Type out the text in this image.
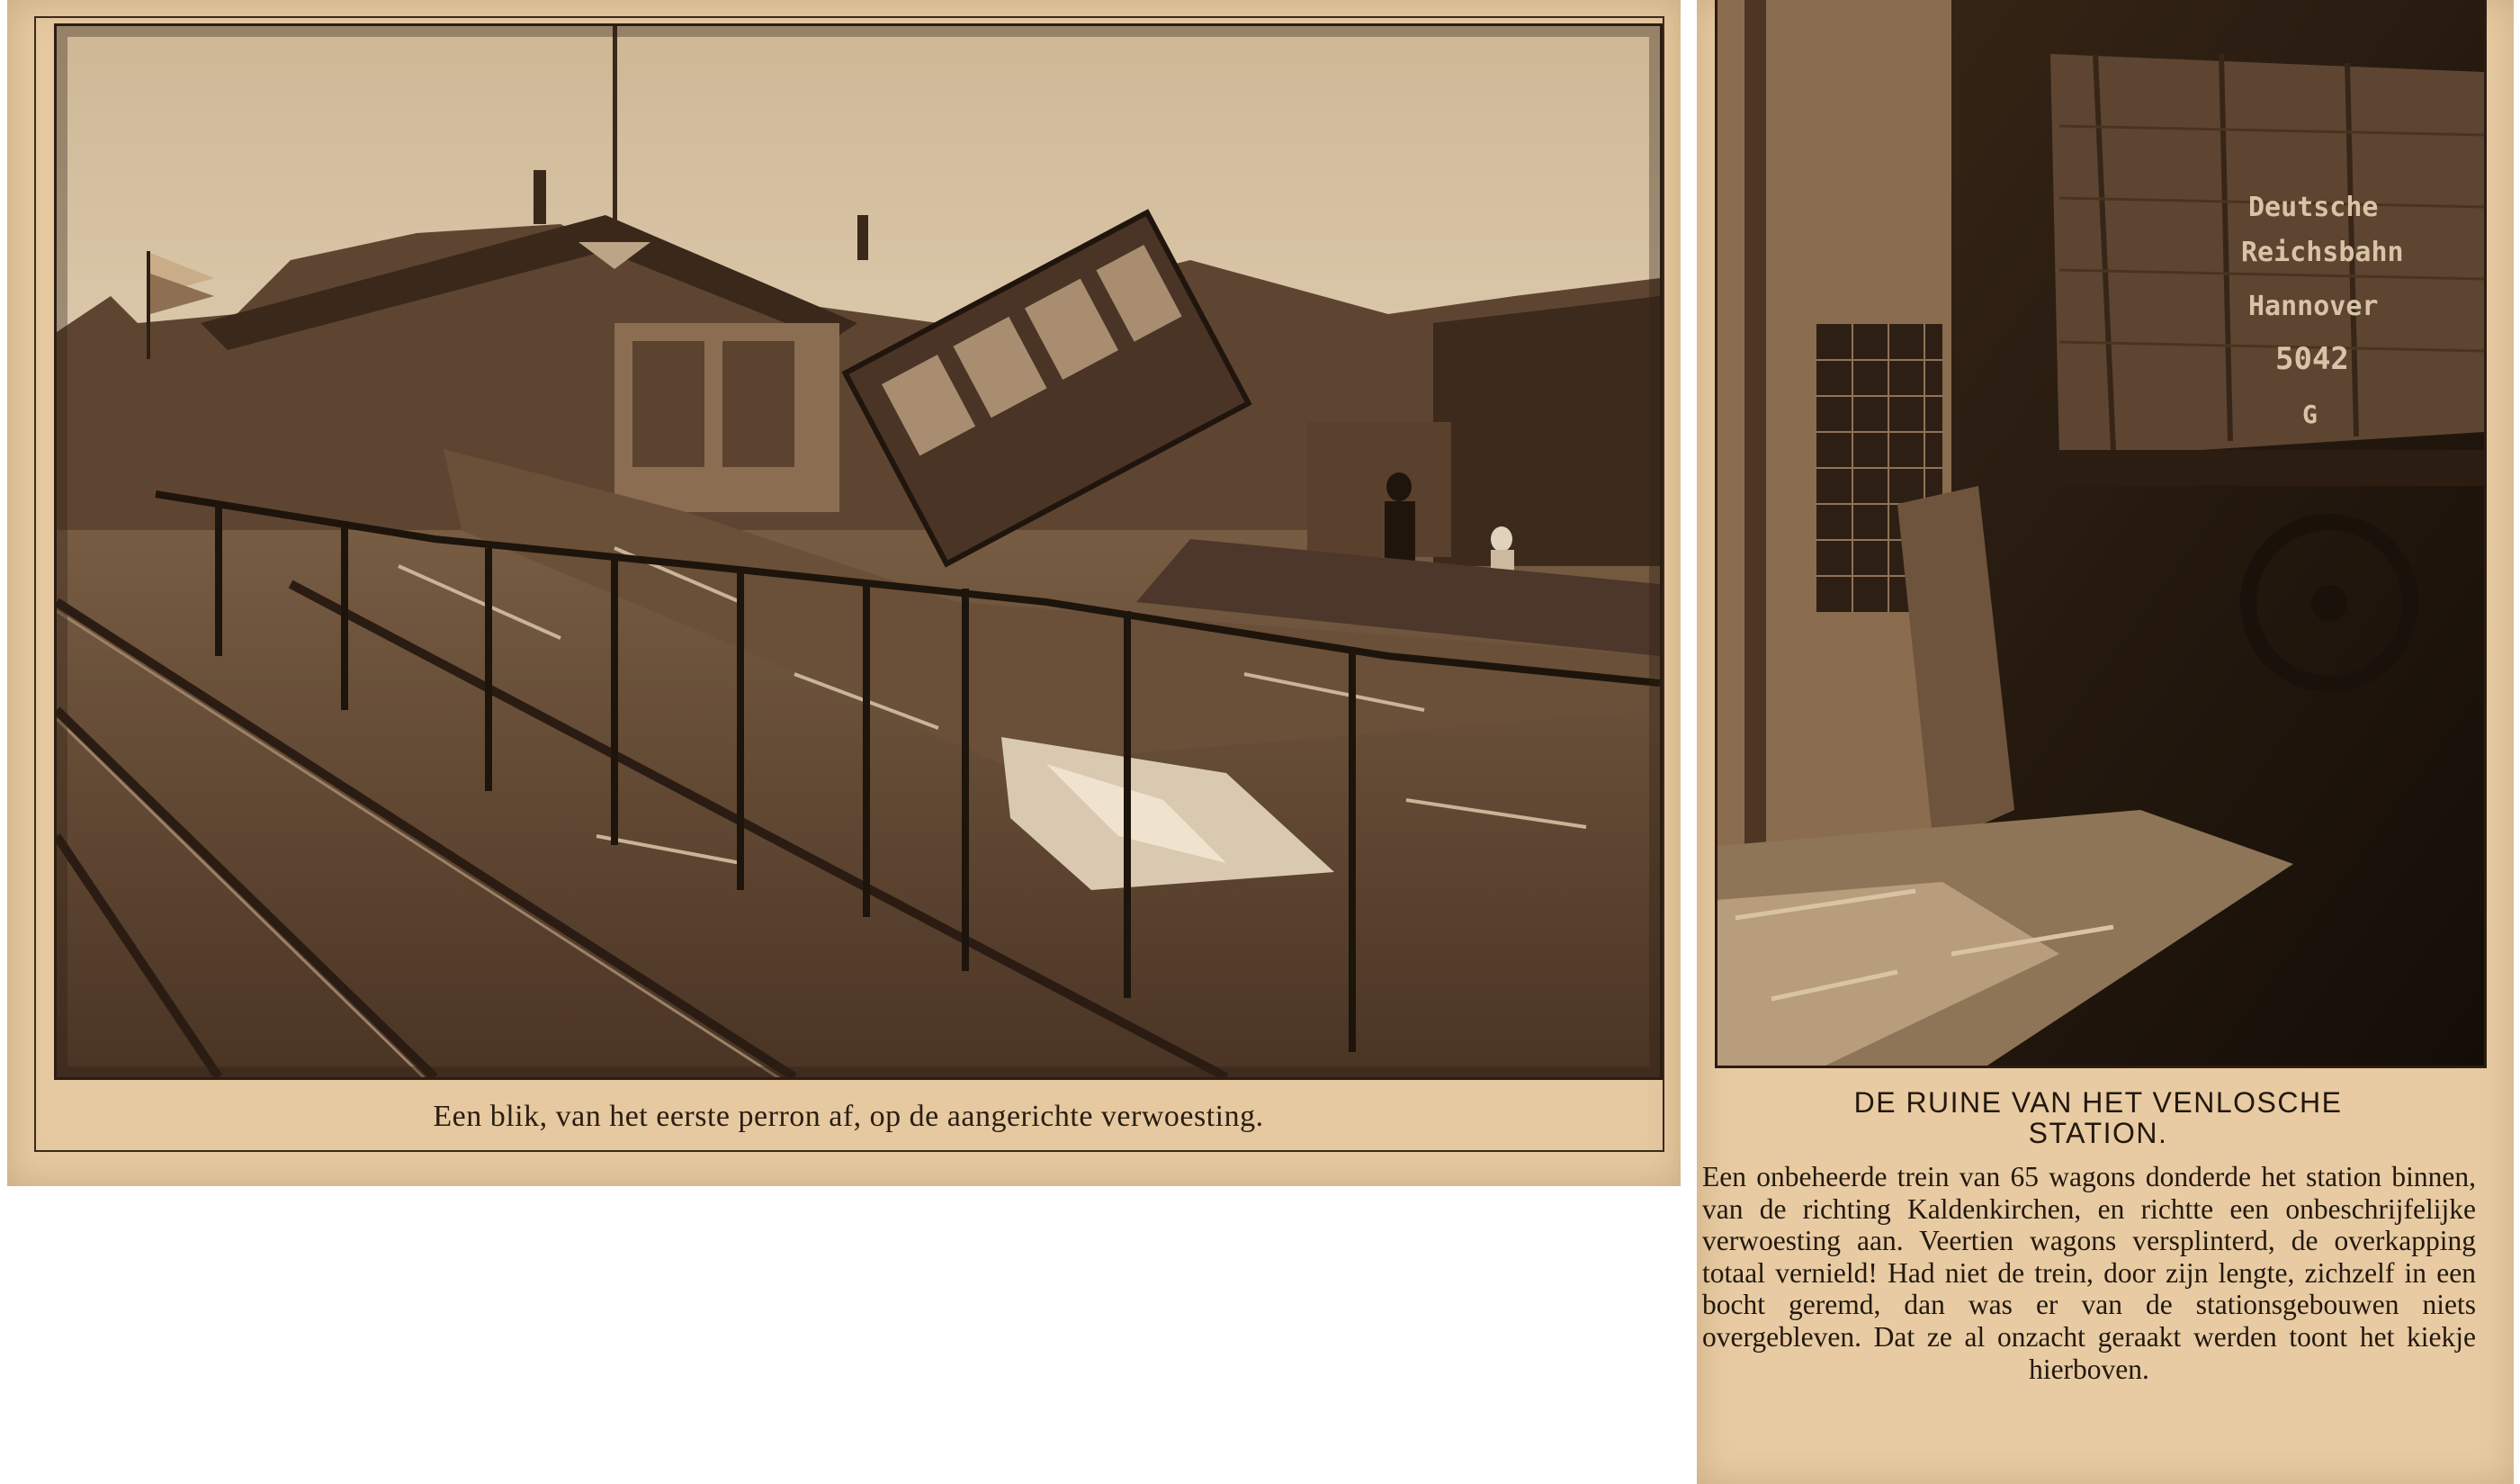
Een blik, van het eerste perron af, op de aangerichte verwoesting.
Deutsche
Reichsbahn
Hannover
5042
G
DE RUINE VAN HET VENLOSCHE
STATION.
Een onbeheerde trein van 65 wagons donderde het station binnen, van de richting Kaldenkirchen, en richtte een onbeschrijfelijke verwoesting aan. Veertien wagons versplinterd, de overkapping totaal vernield! Had niet de trein, door zijn lengte, zichzelf in een bocht geremd, dan was er van de stationsgebouwen niets overgebleven. Dat ze al onzacht geraakt werden toont het kiekje hierboven.
